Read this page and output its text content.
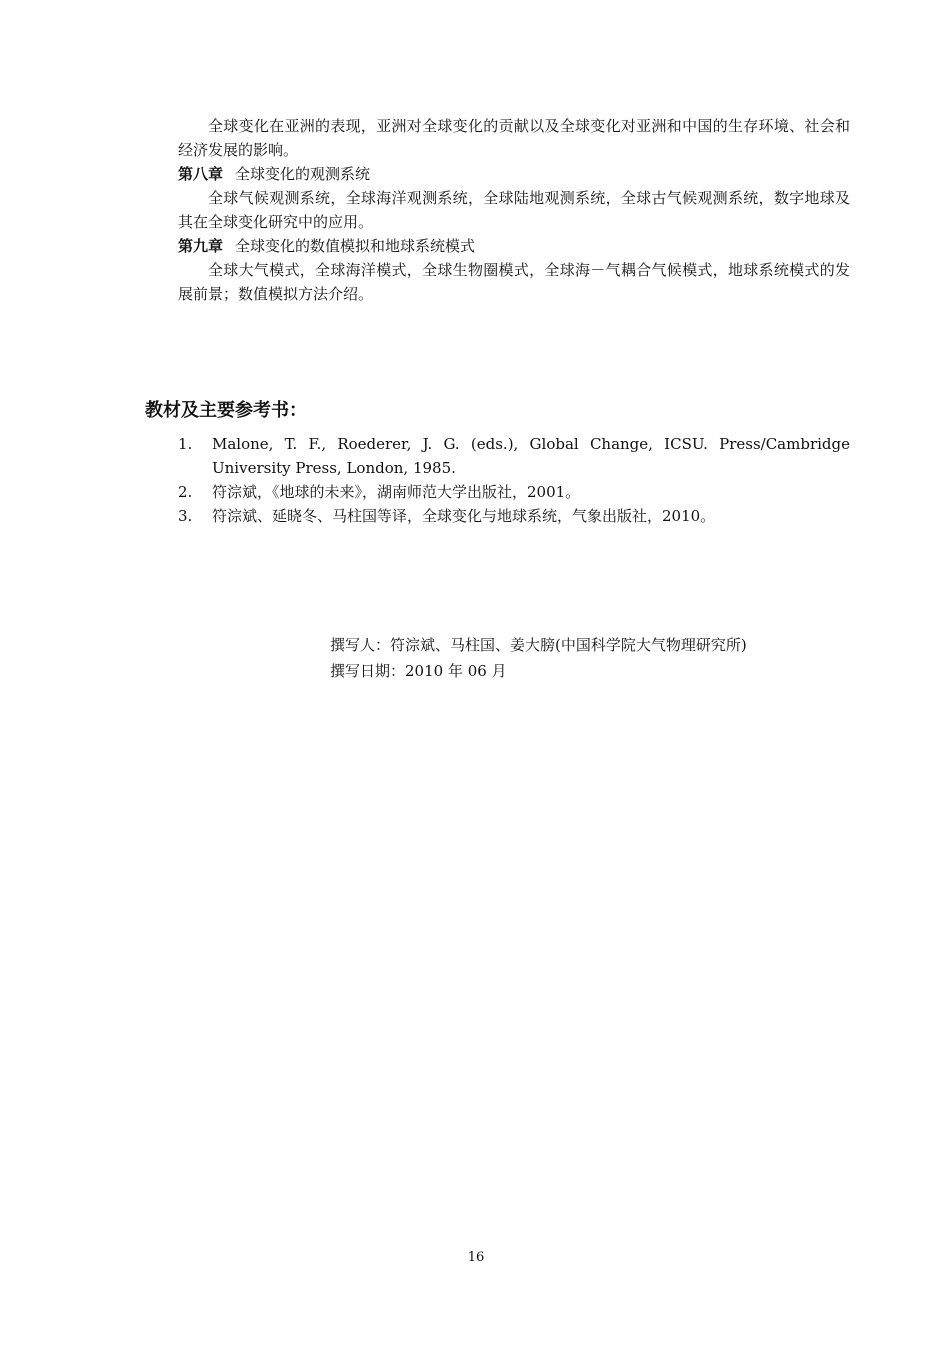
全球变化在亚洲的表现，亚洲对全球变化的贡献以及全球变化对亚洲和中国的生存环境、社会和经济发展的影响。

第八章 全球变化的观测系统

全球气候观测系统，全球海洋观测系统，全球陆地观测系统，全球古气候观测系统，数字地球及其在全球变化研究中的应用。

第九章 全球变化的数值模拟和地球系统模式

全球大气模式，全球海洋模式，全球生物圈模式，全球海－气耦合气候模式，地球系统模式的发展前景；数值模拟方法介绍。

教材及主要参考书：
1.	Malone, T. F., Roederer, J. G. (eds.), Global Change, ICSU. Press/Cambridge University Press, London, 1985.
2.	符淙斌，《地球的未来》，湖南师范大学出版社，2001。
3.	符淙斌、延晓冬、马柱国等译，全球变化与地球系统，气象出版社，2010。
撰写人：符淙斌、马柱国、姜大膀(中国科学院大气物理研究所)
撰写日期：2010 年 06 月
16
